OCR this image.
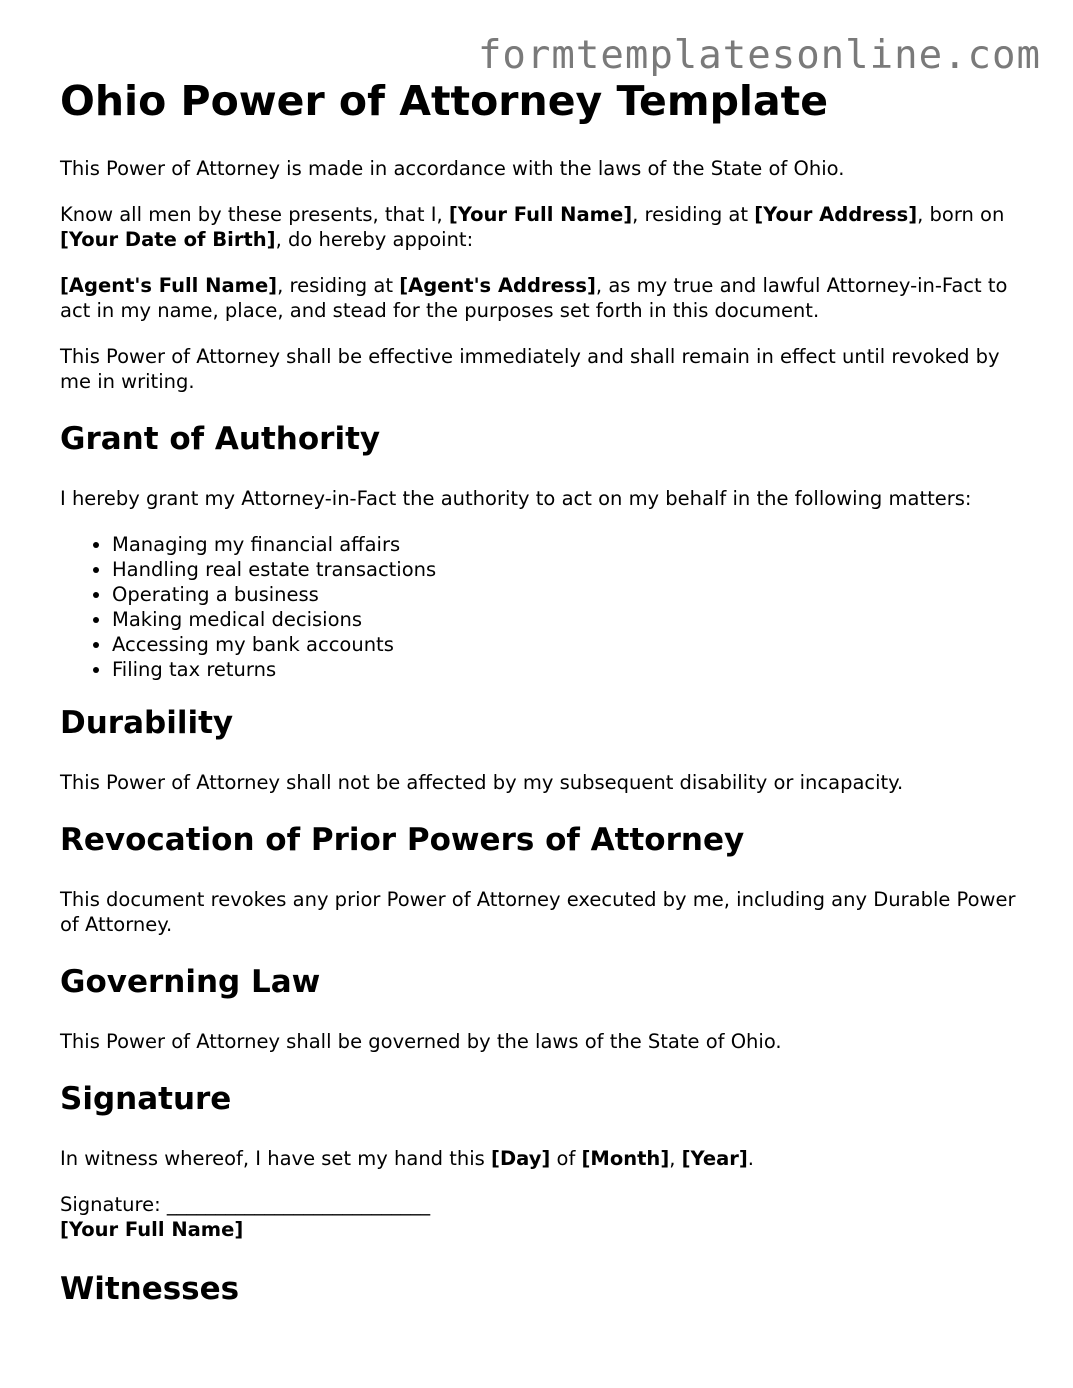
formtemplatesonline.com
Ohio Power of Attorney Template

This Power of Attorney is made in accordance with the laws of the State of Ohio.

Know all men by these presents, that I, [Your Full Name], residing at [Your Address], born on [Your Date of Birth], do hereby appoint:

[Agent's Full Name], residing at [Agent's Address], as my true and lawful Attorney-in-Fact to act in my name, place, and stead for the purposes set forth in this document.

This Power of Attorney shall be effective immediately and shall remain in effect until revoked by me in writing.

Grant of Authority

I hereby grant my Attorney-in-Fact the authority to act on my behalf in the following matters:

• Managing my financial affairs
• Handling real estate transactions
• Operating a business
• Making medical decisions
• Accessing my bank accounts
• Filing tax returns
Durability

This Power of Attorney shall not be affected by my subsequent disability or incapacity.

Revocation of Prior Powers of Attorney

This document revokes any prior Power of Attorney executed by me, including any Durable Power of Attorney.

Governing Law

This Power of Attorney shall be governed by the laws of the State of Ohio.

Signature

In witness whereof, I have set my hand this [Day] of [Month], [Year].

Signature: ___________________________

[Your Full Name]

Witnesses
